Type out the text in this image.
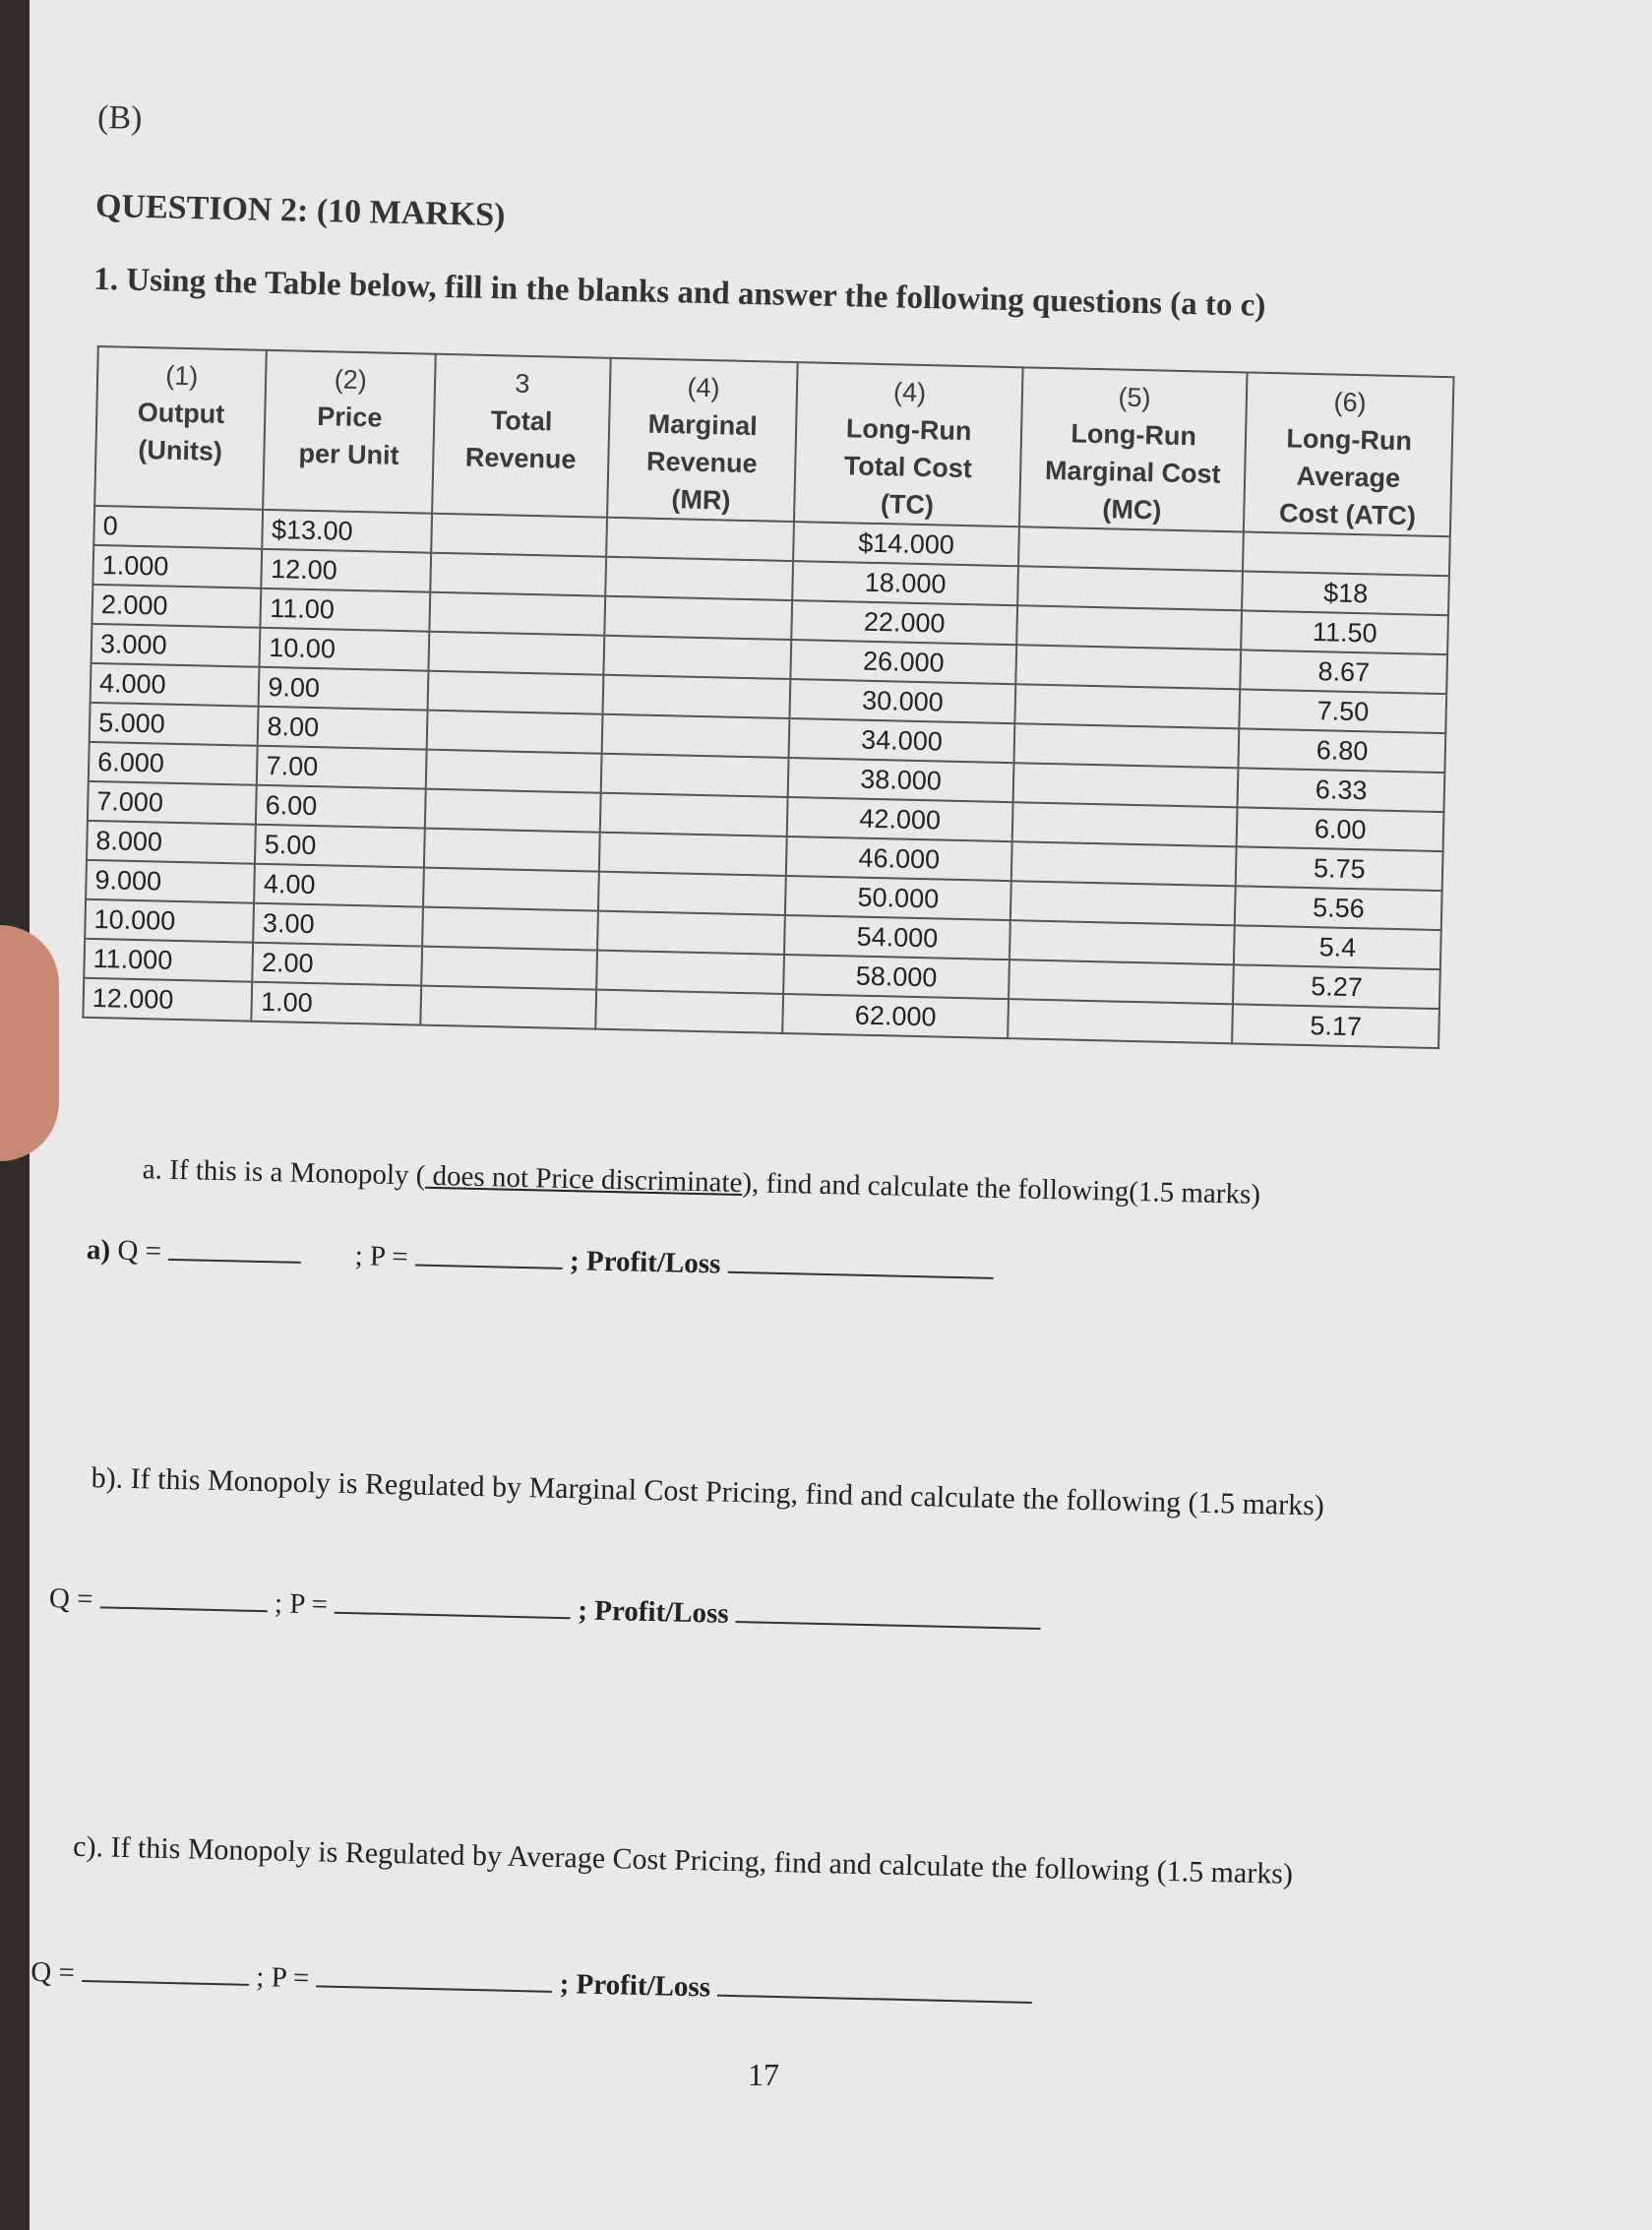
(B)
QUESTION 2: (10 MARKS)
1. Using the Table below, fill in the blanks and answer the following questions (a to c)
(1)
Output
(Units)	(2)
Price
per Unit	3
Total
Revenue	(4)
Marginal
Revenue
(MR)	(4)
Long-Run
Total Cost
(TC)	(5)
Long-Run
Marginal Cost
(MC)	(6)
Long-Run
Average
Cost (ATC)

0	$13.00			$14.000		
1.000	12.00			18.000		$18
2.000	11.00			22.000		11.50
3.000	10.00			26.000		8.67
4.000	9.00			30.000		7.50
5.000	8.00			34.000		6.80
6.000	7.00			38.000		6.33
7.000	6.00			42.000		6.00
8.000	5.00			46.000		5.75
9.000	4.00			50.000		5.56
10.000	3.00			54.000		5.4
11.000	2.00			58.000		5.27
12.000	1.00			62.000		5.17
a. If this is a Monopoly ( does not Price discriminate), find and calculate the following(1.5 marks)
a) Q =	; P =	; Profit/Loss
b). If this Monopoly is Regulated by Marginal Cost Pricing, find and calculate the following (1.5 marks)
Q =	; P =	; Profit/Loss
c). If this Monopoly is Regulated by Average Cost Pricing, find and calculate the following (1.5 marks)
Q =	; P =	; Profit/Loss
17
